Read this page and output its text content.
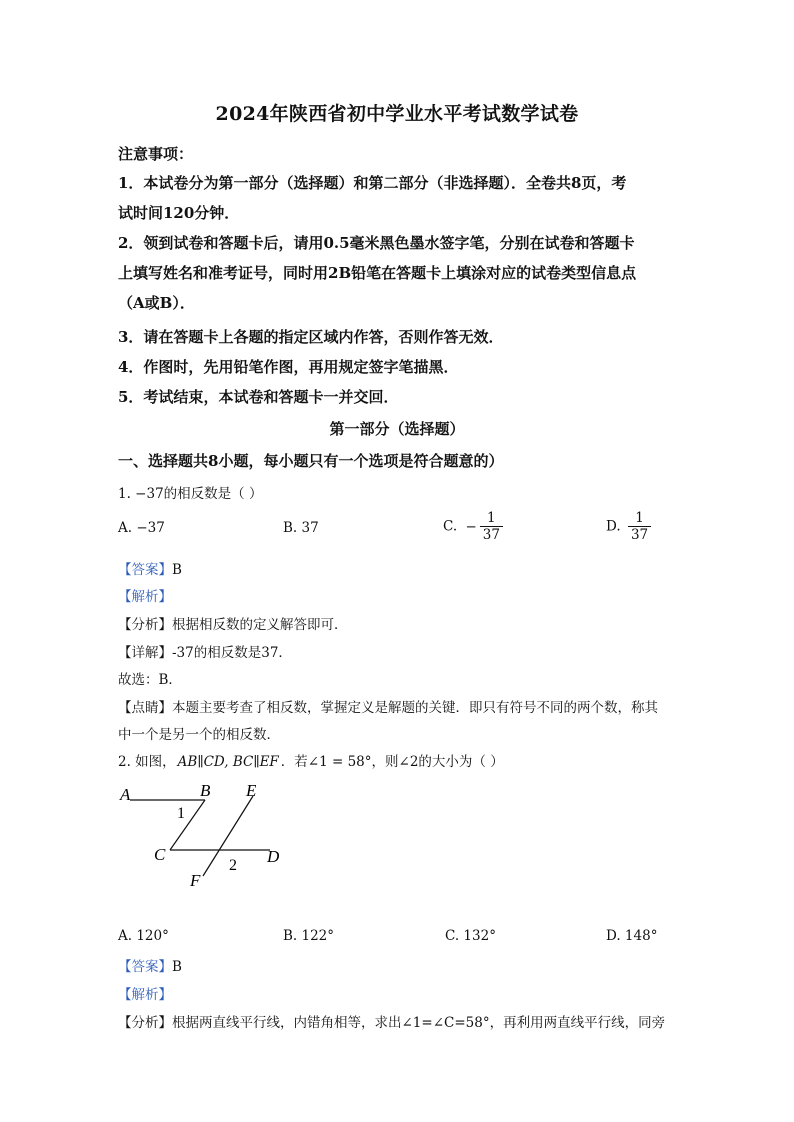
2024年陕西省初中学业水平考试数学试卷
注意事项：
1．本试卷分为第一部分（选择题）和第二部分（非选择题）．全卷共8页，考
试时间120分钟．
2．领到试卷和答题卡后，请用0.5毫米黑色墨水签字笔，分别在试卷和答题卡
上填写姓名和准考证号，同时用2B铅笔在答题卡上填涂对应的试卷类型信息点
（A或B）．
3．请在答题卡上各题的指定区域内作答，否则作答无效．
4．作图时，先用铅笔作图，再用规定签字笔描黑．
5．考试结束，本试卷和答题卡一并交回．
第一部分（选择题）
一、选择题共8小题，每小题只有一个选项是符合题意的）
1. −37的相反数是（ ）
A. −37	B. 37	C. − $\frac{1}{37}$	D. $\frac{1}{37}$
【答案】B
【解析】
【分析】根据相反数的定义解答即可．
【详解】-37的相反数是37．
故选：B．
【点睛】本题主要考查了相反数，掌握定义是解题的关键．即只有符号不同的两个数，称其
中一个是另一个的相反数．
2. 如图， AB∥CD, BC∥EF ．若∠1 = 58°，则∠2的大小为（ ）
A	B E
1
C
2 D
F
A. 120°	B. 122°	C. 132°	D. 148°
【答案】B
【解析】
【分析】根据两直线平行线，内错角相等，求出∠1=∠C=58°，再利用两直线平行线，同旁
